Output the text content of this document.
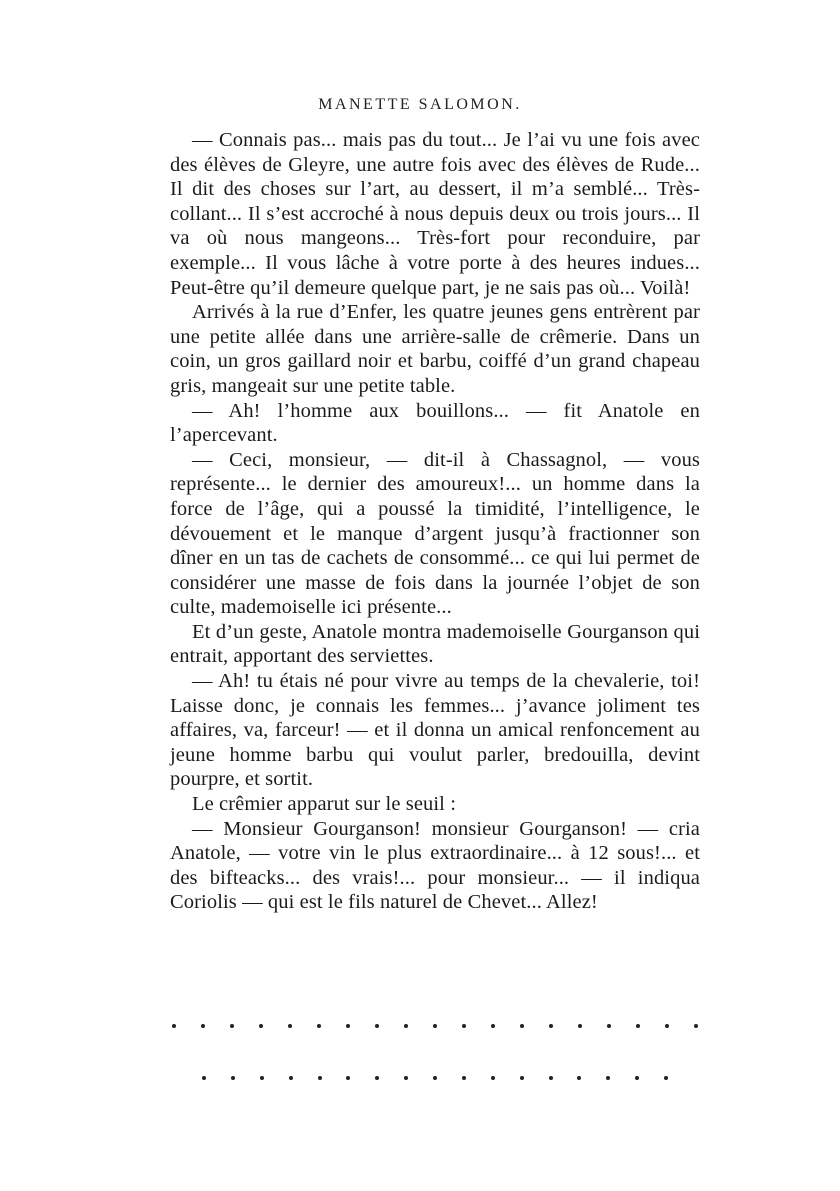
MANETTE SALOMON.

— Connais pas... mais pas du tout... Je l’ai vu une fois avec des élèves de Gleyre, une autre fois avec des élèves de Rude... Il dit des choses sur l’art, au dessert, il m’a semblé... Très-collant... Il s’est accroché à nous depuis deux ou trois jours... Il va où nous mangeons... Très-fort pour reconduire, par exemple... Il vous lâche à votre porte à des heures indues... Peut-être qu’il demeure quelque part, je ne sais pas où... Voilà!

Arrivés à la rue d’Enfer, les quatre jeunes gens entrèrent par une petite allée dans une arrière-salle de crêmerie. Dans un coin, un gros gaillard noir et barbu, coiffé d’un grand chapeau gris, mangeait sur une petite table.

— Ah! l’homme aux bouillons... — fit Anatole en l’apercevant.

— Ceci, monsieur, — dit-il à Chassagnol, — vous représente... le dernier des amoureux!... un homme dans la force de l’âge, qui a poussé la timidité, l’intelligence, le dévouement et le manque d’argent jusqu’à fractionner son dîner en un tas de cachets de consommé... ce qui lui permet de considérer une masse de fois dans la journée l’objet de son culte, mademoiselle ici présente...

Et d’un geste, Anatole montra mademoiselle Gourganson qui entrait, apportant des serviettes.

— Ah! tu étais né pour vivre au temps de la chevalerie, toi! Laisse donc, je connais les femmes... j’avance joliment tes affaires, va, farceur! — et il donna un amical renfoncement au jeune homme barbu qui voulut parler, bredouilla, devint pourpre, et sortit.

Le crêmier apparut sur le seuil :

— Monsieur Gourganson! monsieur Gourganson! — cria Anatole, — votre vin le plus extraordinaire... à 12 sous!... et des bifteacks... des vrais!... pour monsieur... — il indiqua Coriolis — qui est le fils naturel de Chevet... Allez!
